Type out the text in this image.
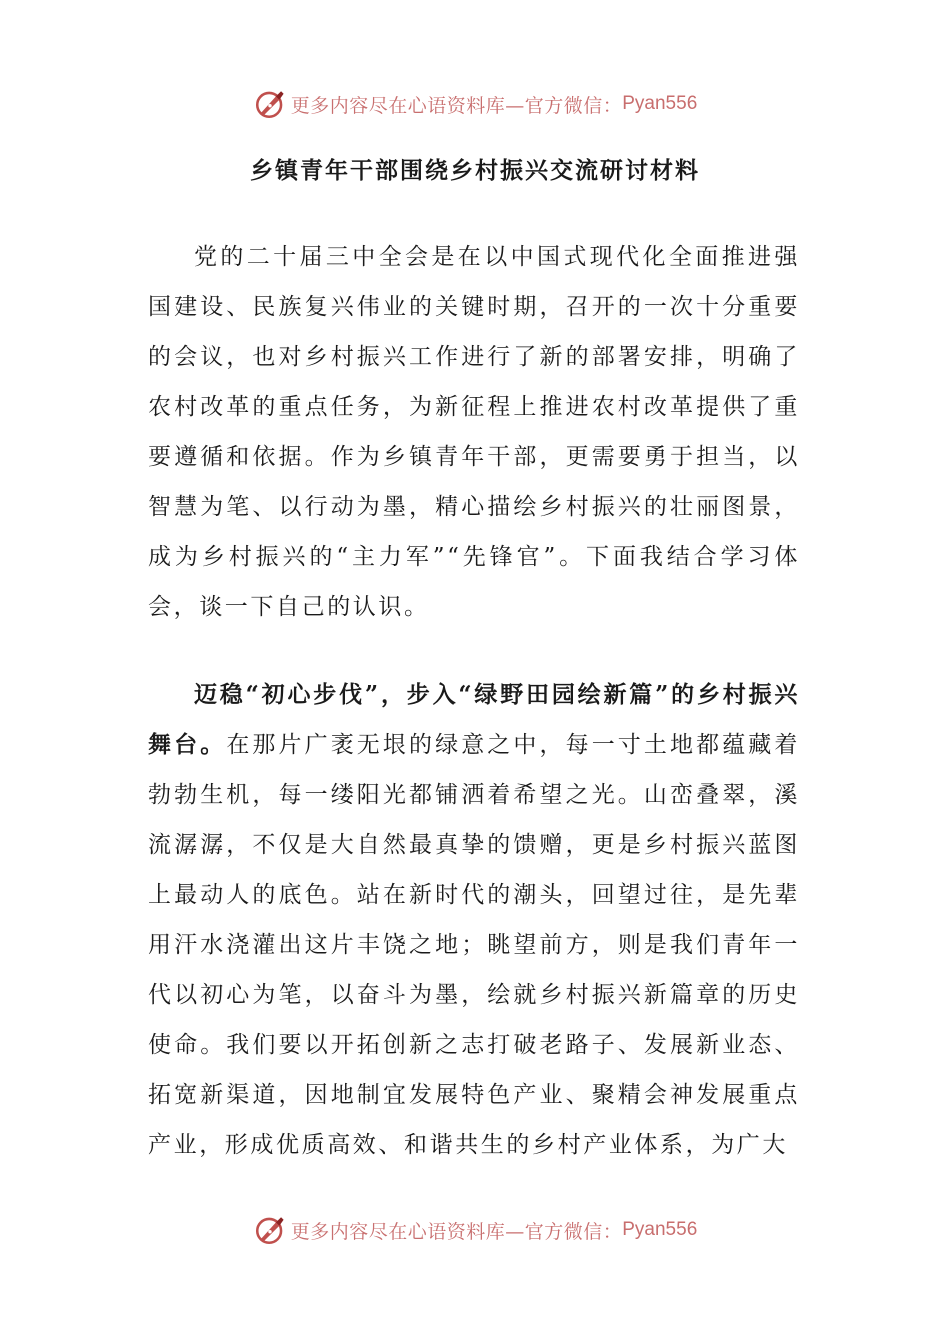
更多内容尽在心语资料库—官方微信： Pyan556
乡镇青年干部围绕乡村振兴交流研讨材料

党的二十届三中全会是在以中国式现代化全面推进强国建设、民族复兴伟业的关键时期，召开的一次十分重要的会议，也对乡村振兴工作进行了新的部署安排，明确了农村改革的重点任务，为新征程上推进农村改革提供了重要遵循和依据。作为乡镇青年干部，更需要勇于担当，以智慧为笔、以行动为墨，精心描绘乡村振兴的壮丽图景，成为乡村振兴的“主力军”“先锋官”。下面我结合学习体会，谈一下自己的认识。

迈稳“初心步伐”，步入“绿野田园绘新篇”的乡村振兴舞台。在那片广袤无垠的绿意之中，每一寸土地都蕴藏着勃勃生机，每一缕阳光都铺洒着希望之光。山峦叠翠，溪流潺潺，不仅是大自然最真挚的馈赠，更是乡村振兴蓝图上最动人的底色。站在新时代的潮头，回望过往，是先辈用汗水浇灌出这片丰饶之地；眺望前方，则是我们青年一代以初心为笔，以奋斗为墨，绘就乡村振兴新篇章的历史使命。我们要以开拓创新之志打破老路子、发展新业态、拓宽新渠道，因地制宜发展特色产业、聚精会神发展重点产业，形成优质高效、和谐共生的乡村产业体系，为广大

更多内容尽在心语资料库—官方微信： Pyan556
